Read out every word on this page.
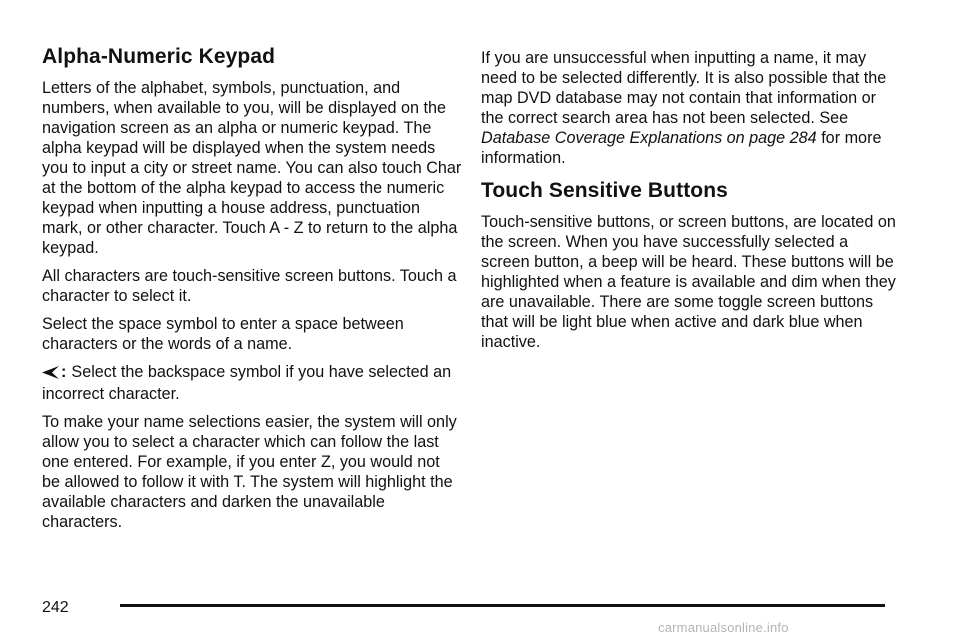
Alpha-Numeric Keypad

Letters of the alphabet, symbols, punctuation, and numbers, when available to you, will be displayed on the navigation screen as an alpha or numeric keypad. The alpha keypad will be displayed when the system needs you to input a city or street name. You can also touch Char at the bottom of the alpha keypad to access the numeric keypad when inputting a house address, punctuation mark, or other character. Touch A - Z to return to the alpha keypad.

All characters are touch-sensitive screen buttons. Touch a character to select it.

Select the space symbol to enter a space between characters or the words of a name.

: Select the backspace symbol if you have selected an incorrect character.

To make your name selections easier, the system will only allow you to select a character which can follow the last one entered. For example, if you enter Z, you would not be allowed to follow it with T. The system will highlight the available characters and darken the unavailable characters.

If you are unsuccessful when inputting a name, it may need to be selected differently. It is also possible that the map DVD database may not contain that information or the correct search area has not been selected. See Database Coverage Explanations on page 284 for more information.

Touch Sensitive Buttons

Touch-sensitive buttons, or screen buttons, are located on the screen. When you have successfully selected a screen button, a beep will be heard. These buttons will be highlighted when a feature is available and dim when they are unavailable. There are some toggle screen buttons that will be light blue when active and dark blue when inactive.

242
carmanualsonline.info
